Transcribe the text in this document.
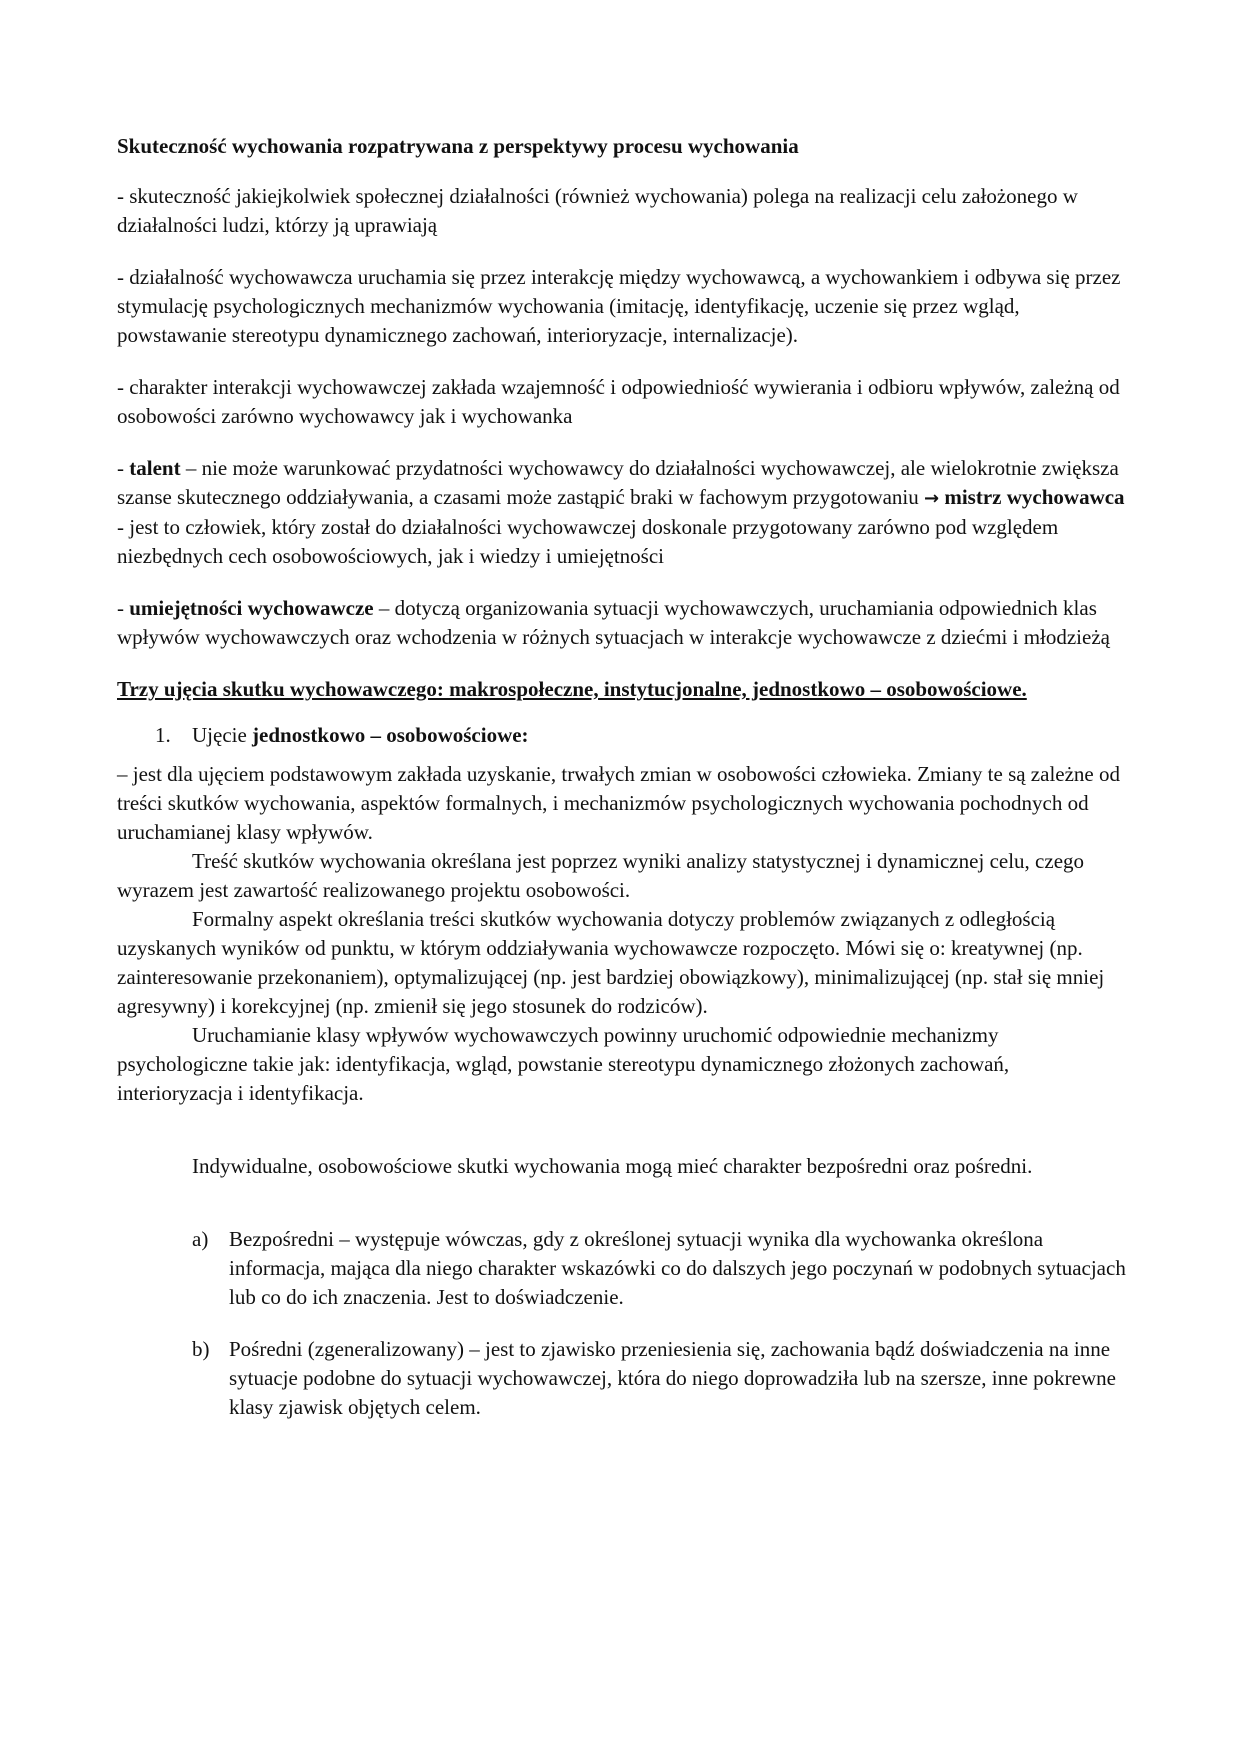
Skuteczność wychowania rozpatrywana z perspektywy procesu wychowania

- skuteczność jakiejkolwiek społecznej działalności (również wychowania) polega na realizacji celu założonego w działalności ludzi, którzy ją uprawiają

- działalność wychowawcza uruchamia się przez interakcję między wychowawcą, a wychowankiem i odbywa się przez stymulację psychologicznych mechanizmów wychowania (imitację, identyfikację, uczenie się przez wgląd, powstawanie stereotypu dynamicznego zachowań, interioryzacje, internalizacje).

- charakter interakcji wychowawczej zakłada wzajemność i odpowiedniość wywierania i odbioru wpływów, zależną od osobowości zarówno wychowawcy jak i wychowanka

- talent – nie może warunkować przydatności wychowawcy do działalności wychowawczej, ale wielokrotnie zwiększa szanse skutecznego oddziaływania, a czasami może zastąpić braki w fachowym przygotowaniu → mistrz wychowawca - jest to człowiek, który został do działalności wychowawczej doskonale przygotowany zarówno pod względem niezbędnych cech osobowościowych, jak i wiedzy i umiejętności

- umiejętności wychowawcze – dotyczą organizowania sytuacji wychowawczych, uruchamiania odpowiednich klas wpływów wychowawczych oraz wchodzenia w różnych sytuacjach w interakcje wychowawcze z dziećmi i młodzieżą

Trzy ujęcia skutku wychowawczego: makrospołeczne, instytucjonalne, jednostkowo – osobowościowe.

1. Ujęcie jednostkowo – osobowościowe:

– jest dla ujęciem podstawowym zakłada uzyskanie, trwałych zmian w osobowości człowieka. Zmiany te są zależne od treści skutków wychowania, aspektów formalnych, i mechanizmów psychologicznych wychowania pochodnych od uruchamianej klasy wpływów.

Treść skutków wychowania określana jest poprzez wyniki analizy statystycznej i dynamicznej celu, czego wyrazem jest zawartość realizowanego projektu osobowości.

Formalny aspekt określania treści skutków wychowania dotyczy problemów związanych z odległością uzyskanych wyników od punktu, w którym oddziaływania wychowawcze rozpoczęto. Mówi się o: kreatywnej (np. zainteresowanie przekonaniem), optymalizującej (np. jest bardziej obowiązkowy), minimalizującej (np. stał się mniej agresywny) i korekcyjnej (np. zmienił się jego stosunek do rodziców).

Uruchamianie klasy wpływów wychowawczych powinny uruchomić odpowiednie mechanizmy psychologiczne takie jak: identyfikacja, wgląd, powstanie stereotypu dynamicznego złożonych zachowań, interioryzacja i identyfikacja.

Indywidualne, osobowościowe skutki wychowania mogą mieć charakter bezpośredni oraz pośredni.

a) Bezpośredni – występuje wówczas, gdy z określonej sytuacji wynika dla wychowanka określona informacja, mająca dla niego charakter wskazówki co do dalszych jego poczynań w podobnych sytuacjach lub co do ich znaczenia. Jest to doświadczenie.

b) Pośredni (zgeneralizowany) – jest to zjawisko przeniesienia się, zachowania bądź doświadczenia na inne sytuacje podobne do sytuacji wychowawczej, która do niego doprowadziła lub na szersze, inne pokrewne klasy zjawisk objętych celem.
